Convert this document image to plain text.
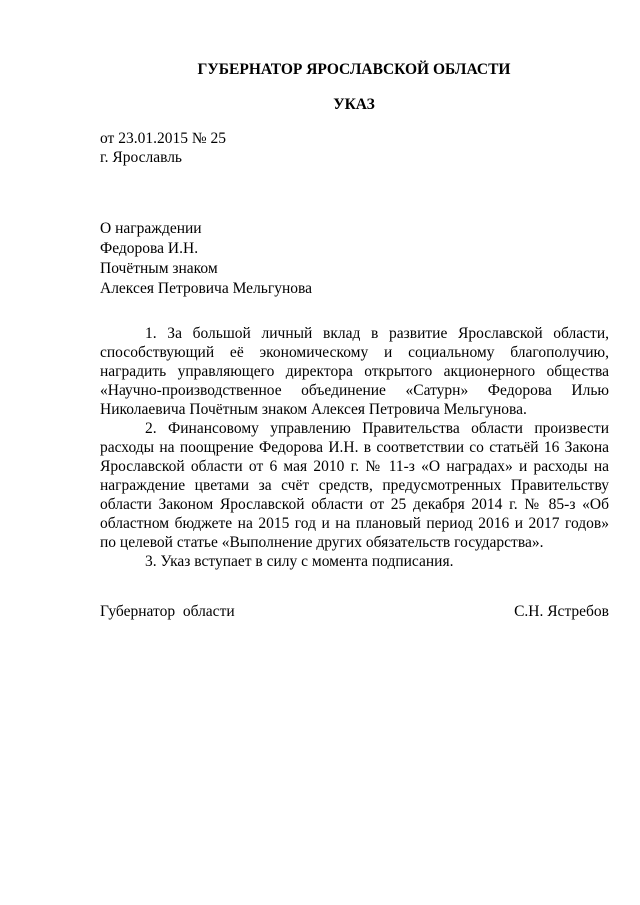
ГУБЕРНАТОР ЯРОСЛАВСКОЙ ОБЛАСТИ

УКАЗ

от 23.01.2015 № 25
г. Ярославль
О награждении
Федорова И.Н.
Почётным знаком
Алексея Петровича Мельгунова

1. За большой личный вклад в развитие Ярославской области, способствующий её экономическому и социальному благополучию, наградить управляющего директора открытого акционерного общества «Научно-производственное объединение «Сатурн» Федорова Илью Николаевича Почётным знаком Алексея Петровича Мельгунова.

2. Финансовому управлению Правительства области произвести расходы на поощрение Федорова И.Н. в соответствии со статьёй 16 Закона Ярославской области от 6 мая 2010 г. № 11-з «О наградах» и расходы на награждение цветами за счёт средств, предусмотренных Правительству области Законом Ярославской области от 25 декабря 2014 г. № 85-з «Об областном бюджете на 2015 год и на плановый период 2016 и 2017 годов» по целевой статье «Выполнение других обязательств государства».

3. Указ вступает в силу с момента подписания.

Губернатор  области	С.Н. Ястребов
